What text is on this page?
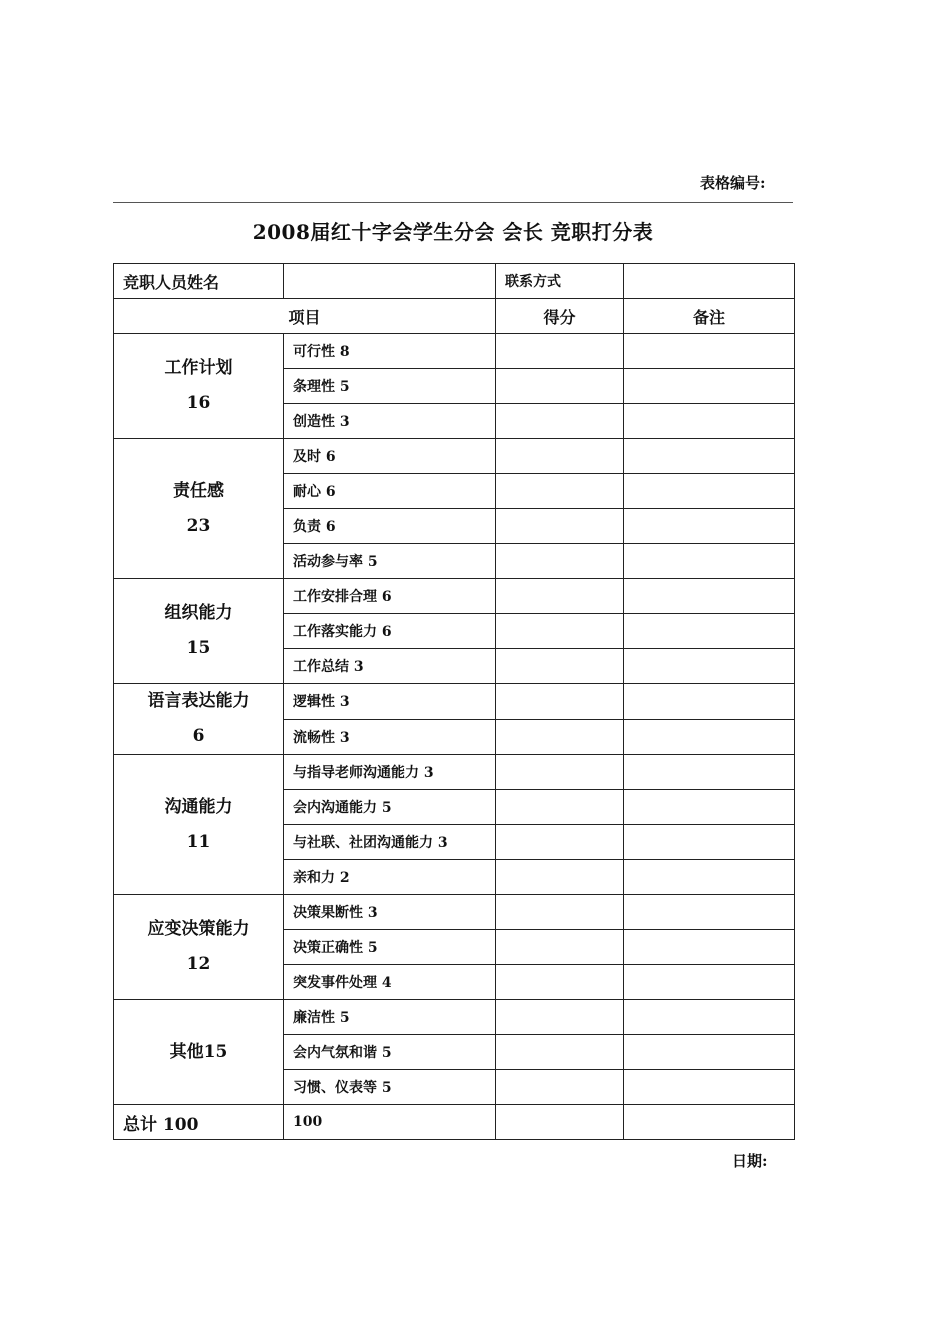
表格编号:
2008届红十字会学生分会 会长 竞职打分表
竞职人员姓名		联系方式	
项目		得分	备注

工作计划
16	可行性 8		
	条理性 5		
	创造性 3		

责任感
23	及时 6		
	耐心 6		
	负责 6		
	活动参与率 5		

组织能力
15	工作安排合理 6		
	工作落实能力 6		
	工作总结 3		

语言表达能力
6	逻辑性 3		
	流畅性 3		

沟通能力
11	与指导老师沟通能力 3		
	会内沟通能力 5		
	与社联、社团沟通能力 3		
	亲和力 2		

应变决策能力
12	决策果断性 3		
	决策正确性 5		
	突发事件处理 4		

其他15	廉洁性 5		
	会内气氛和谐 5		
	习惯、仪表等 5		
总计 100	100		
日期:
